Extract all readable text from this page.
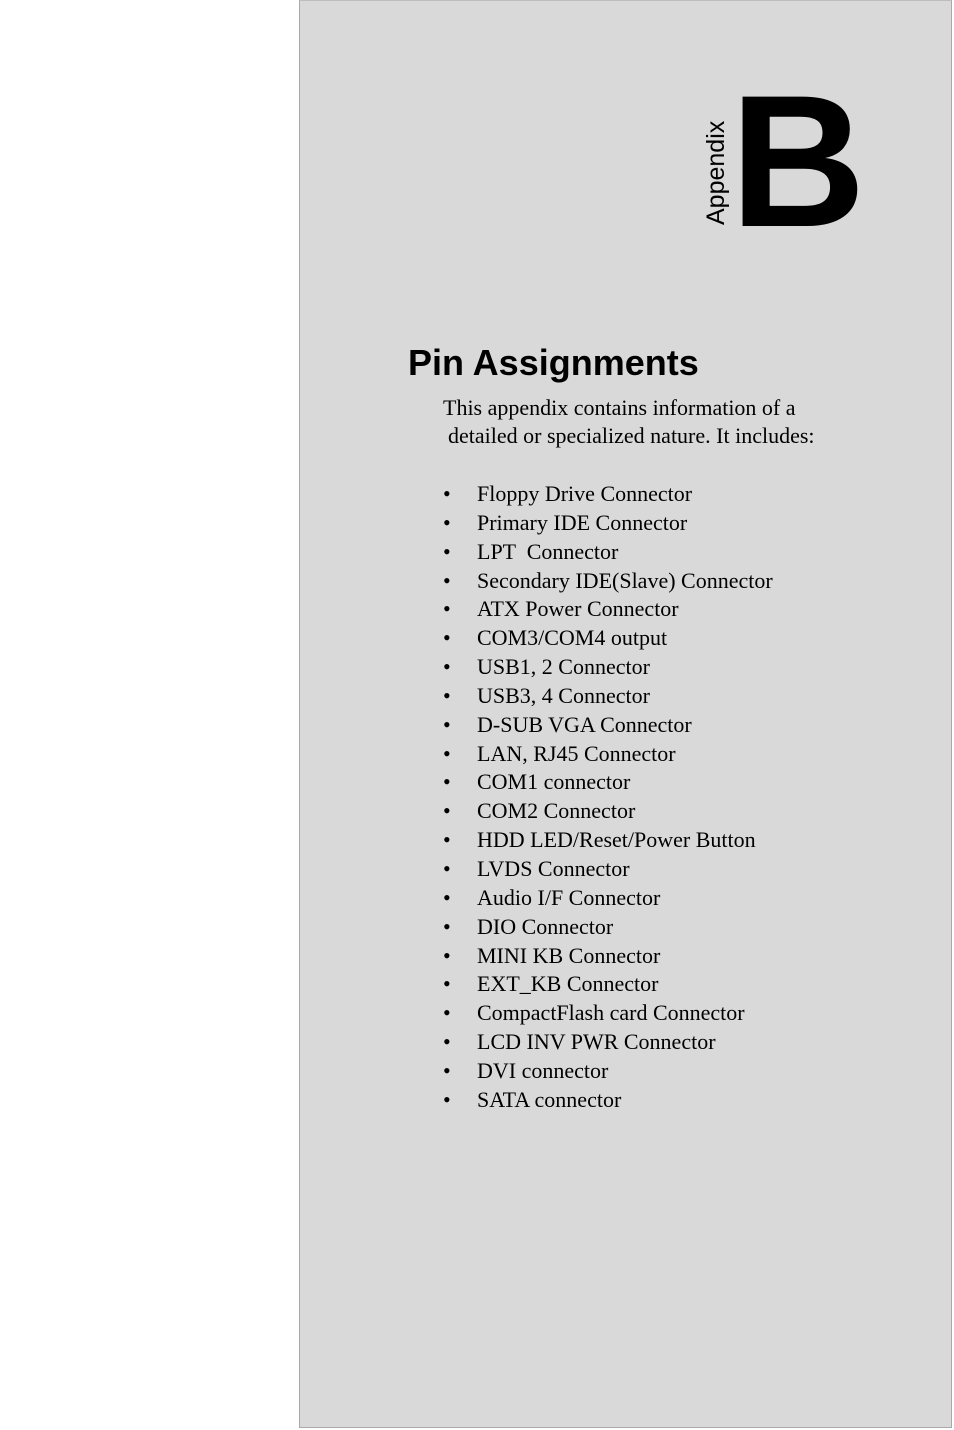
Appendix B
Pin Assignments

This appendix contains information of a
detailed or specialized nature. It includes:

• Floppy Drive Connector
• Primary IDE Connector
• LPT  Connector
• Secondary IDE(Slave) Connector
• ATX Power Connector
• COM3/COM4 output
• USB1, 2 Connector
• USB3, 4 Connector
• D-SUB VGA Connector
• LAN, RJ45 Connector
• COM1 connector
• COM2 Connector
• HDD LED/Reset/Power Button
• LVDS Connector
• Audio I/F Connector
• DIO Connector
• MINI KB Connector
• EXT_KB Connector
• CompactFlash card Connector
• LCD INV PWR Connector
• DVI connector
• SATA connector
